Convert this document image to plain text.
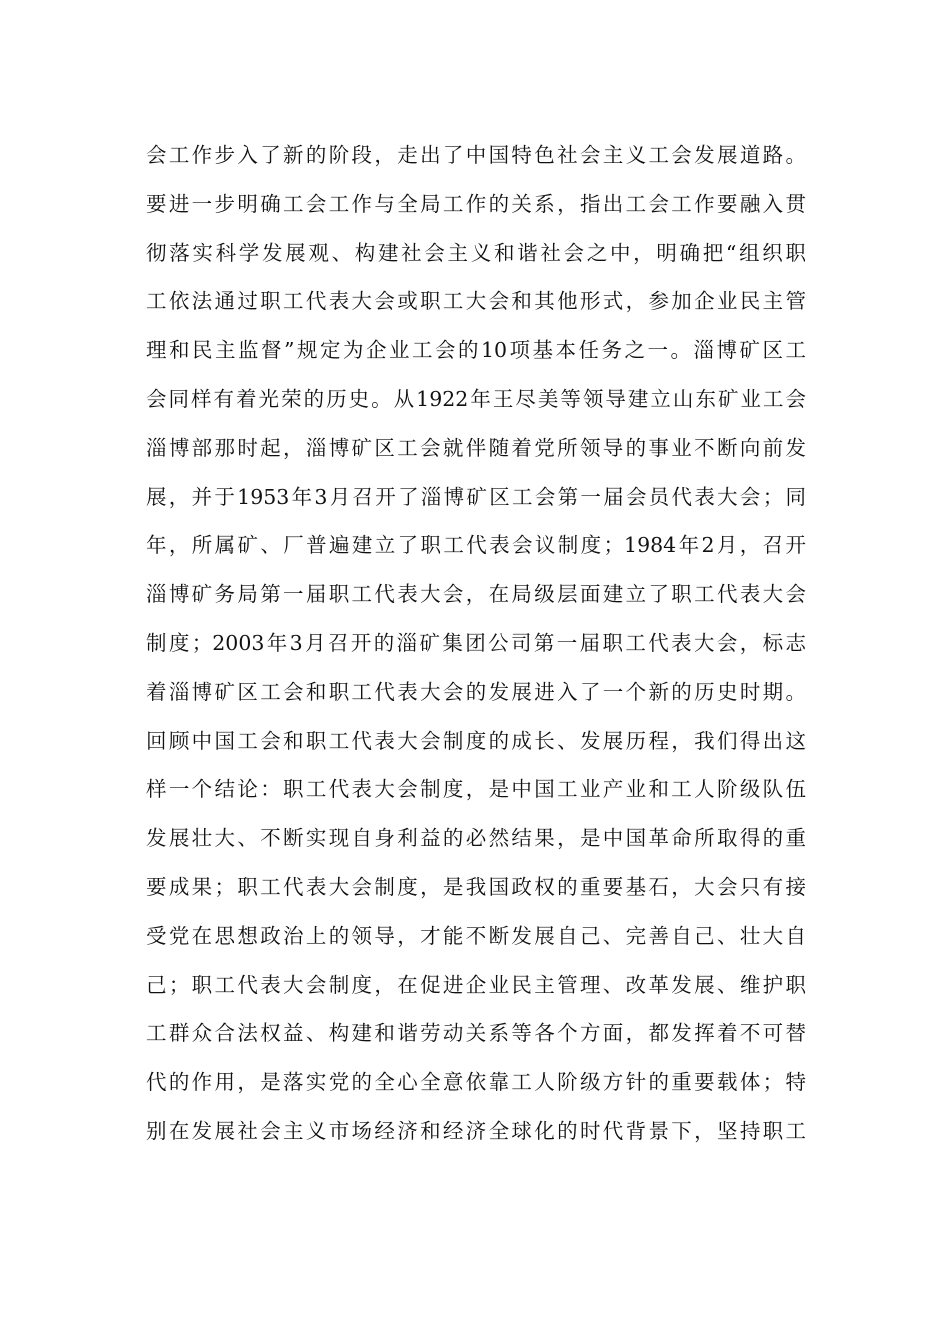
会工作步入了新的阶段，走出了中国特色社会主义工会发展道路。
要进一步明确工会工作与全局工作的关系，指出工会工作要融入贯
彻落实科学发展观、构建社会主义和谐社会之中，明确把“组织职
工依法通过职工代表大会或职工大会和其他形式，参加企业民主管
理和民主监督”规定为企业工会的10项基本任务之一。淄博矿区工
会同样有着光荣的历史。从1922年王尽美等领导建立山东矿业工会
淄博部那时起，淄博矿区工会就伴随着党所领导的事业不断向前发
展，并于1953年3月召开了淄博矿区工会第一届会员代表大会；同
年，所属矿、厂普遍建立了职工代表会议制度；1984年2月，召开
淄博矿务局第一届职工代表大会，在局级层面建立了职工代表大会
制度；2003年3月召开的淄矿集团公司第一届职工代表大会，标志
着淄博矿区工会和职工代表大会的发展进入了一个新的历史时期。
回顾中国工会和职工代表大会制度的成长、发展历程，我们得出这
样一个结论：职工代表大会制度，是中国工业产业和工人阶级队伍
发展壮大、不断实现自身利益的必然结果，是中国革命所取得的重
要成果；职工代表大会制度，是我国政权的重要基石，大会只有接
受党在思想政治上的领导，才能不断发展自己、完善自己、壮大自
己；职工代表大会制度，在促进企业民主管理、改革发展、维护职
工群众合法权益、构建和谐劳动关系等各个方面，都发挥着不可替
代的作用，是落实党的全心全意依靠工人阶级方针的重要载体；特
别在发展社会主义市场经济和经济全球化的时代背景下，坚持职工
